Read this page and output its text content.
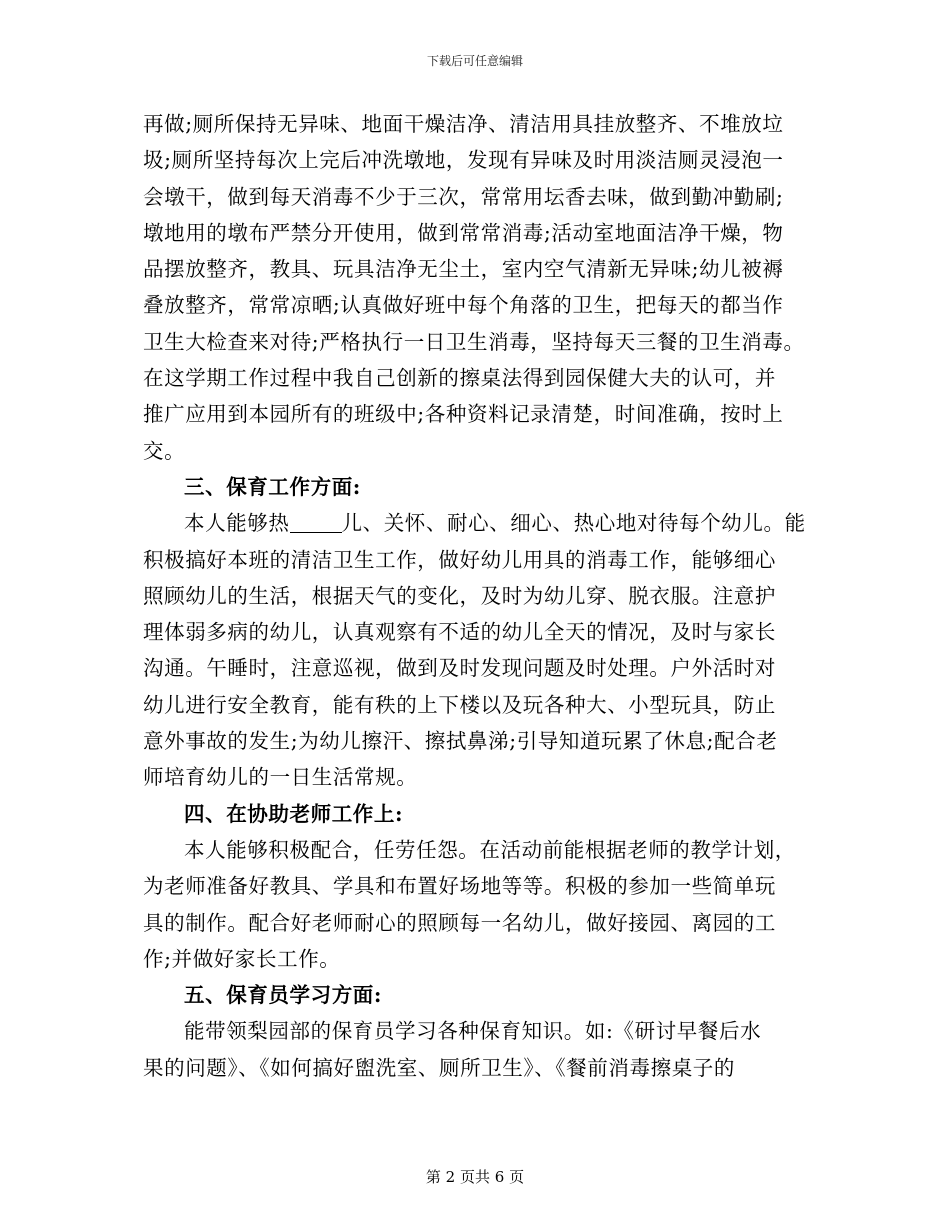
下载后可任意编辑
再做;厕所保持无异味、地面干燥洁净、清洁用具挂放整齐、不堆放垃
圾;厕所坚持每次上完后冲洗墩地，发现有异味及时用淡洁厕灵浸泡一
会墩干，做到每天消毒不少于三次，常常用坛香去味，做到勤冲勤刷;
墩地用的墩布严禁分开使用，做到常常消毒;活动室地面洁净干燥，物
品摆放整齐，教具、玩具洁净无尘土，室内空气清新无异味;幼儿被褥
叠放整齐，常常凉晒;认真做好班中每个角落的卫生，把每天的都当作
卫生大检查来对待;严格执行一日卫生消毒，坚持每天三餐的卫生消毒。
在这学期工作过程中我自己创新的擦桌法得到园保健大夫的认可，并
推广应用到本园所有的班级中;各种资料记录清楚，时间准确，按时上
交。
三、保育工作方面:
本人能够热	儿、关怀、耐心、细心、热心地对待每个幼儿。能
积极搞好本班的清洁卫生工作，做好幼儿用具的消毒工作，能够细心
照顾幼儿的生活，根据天气的变化，及时为幼儿穿、脱衣服。注意护
理体弱多病的幼儿，认真观察有不适的幼儿全天的情况，及时与家长
沟通。午睡时，注意巡视，做到及时发现问题及时处理。户外活时对
幼儿进行安全教育，能有秩的上下楼以及玩各种大、小型玩具，防止
意外事故的发生;为幼儿擦汗、擦拭鼻涕;引导知道玩累了休息;配合老
师培育幼儿的一日生活常规。
四、在协助老师工作上:
本人能够积极配合，任劳任怨。在活动前能根据老师的教学计划，
为老师准备好教具、学具和布置好场地等等。积极的参加一些简单玩
具的制作。配合好老师耐心的照顾每一名幼儿，做好接园、离园的工
作;并做好家长工作。
五、保育员学习方面:
能带领梨园部的保育员学习各种保育知识。如:《研讨早餐后水
果的问题》、《如何搞好盥洗室、厕所卫生》、《餐前消毒擦桌子的
第 2 页共 6 页
